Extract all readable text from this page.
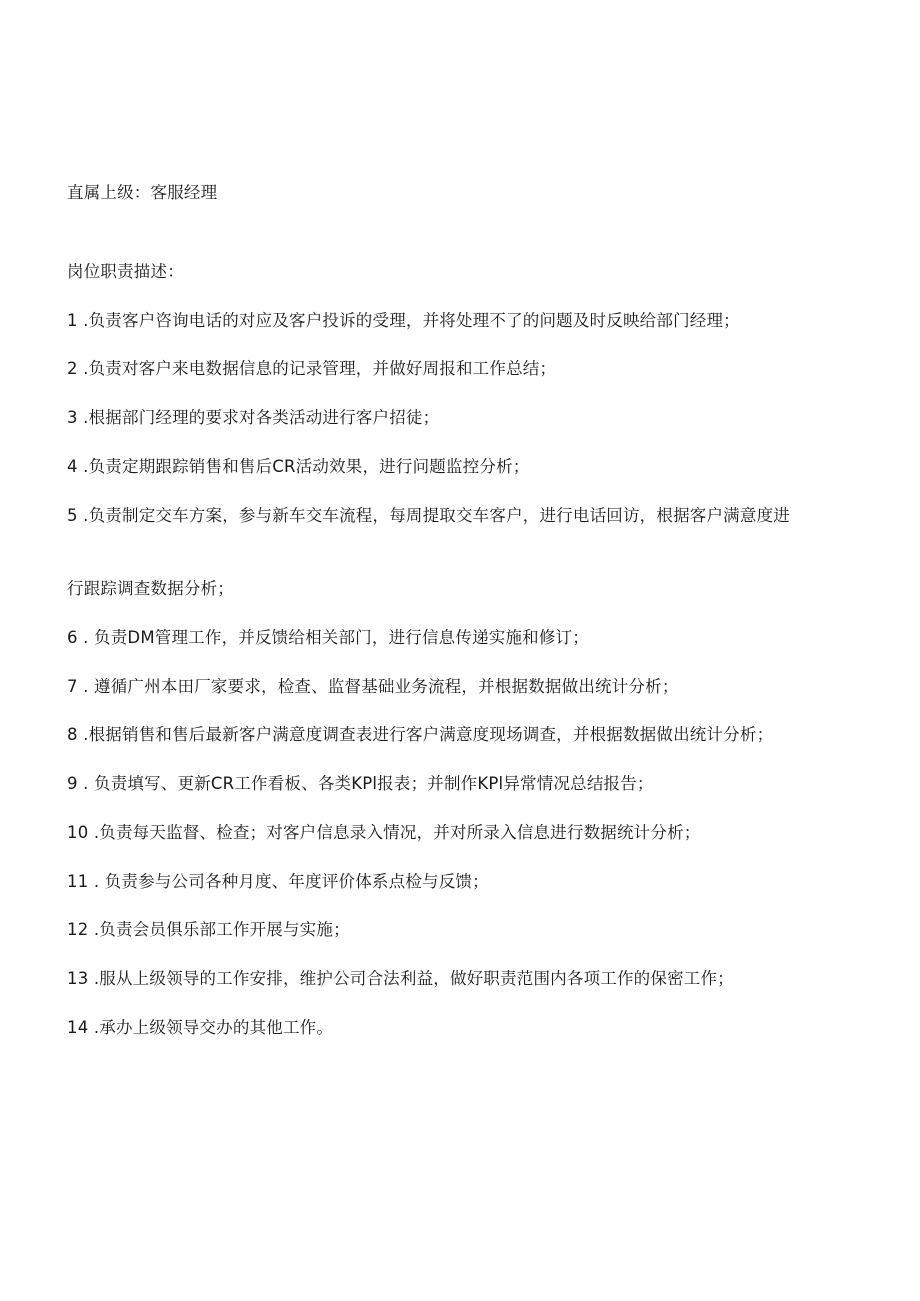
直属上级：客服经理
岗位职责描述：
1 .负责客户咨询电话的对应及客户投诉的受理，并将处理不了的问题及时反映给部门经理；
2 .负责对客户来电数据信息的记录管理，并做好周报和工作总结；
3 .根据部门经理的要求对各类活动进行客户招徒；
4 .负责定期跟踪销售和售后CR活动效果，进行问题监控分析；
5 .负责制定交车方案，参与新车交车流程，每周提取交车客户，进行电话回访，根据客户满意度进
行跟踪调查数据分析；
6 . 负责DM管理工作，并反馈给相关部门，进行信息传递实施和修订；
7 . 遵循广州本田厂家要求，检查、监督基础业务流程，并根据数据做出统计分析；
8 .根据销售和售后最新客户满意度调查表进行客户满意度现场调查，并根据数据做出统计分析；
9 . 负责填写、更新CR工作看板、各类KPl报表；并制作KPl异常情况总结报告；
10 .负责每天监督、检查；对客户信息录入情况，并对所录入信息进行数据统计分析；
11 . 负责参与公司各种月度、年度评价体系点检与反馈；
12 .负责会员俱乐部工作开展与实施；
13 .服从上级领导的工作安排，维护公司合法利益，做好职责范围内各项工作的保密工作；
14 .承办上级领导交办的其他工作。
